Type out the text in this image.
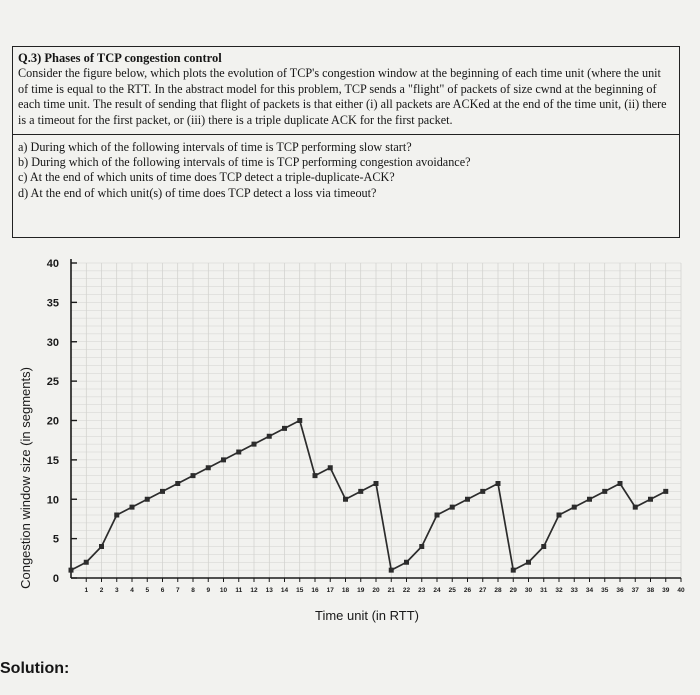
Q.3) Phases of TCP congestion control
Consider the figure below, which plots the evolution of TCP's congestion window at the beginning of each time unit (where the unit of time is equal to the RTT. In the abstract model for this problem, TCP sends a "flight" of packets of size cwnd at the beginning of each time unit. The result of sending that flight of packets is that either (i) all packets are ACKed at the end of the time unit, (ii) there is a timeout for the first packet, or (iii) there is a triple duplicate ACK for the first packet.
a) During which of the following intervals of time is TCP performing slow start?
b) During which of the following intervals of time is TCP performing congestion avoidance?
c) At the end of which units of time does TCP detect a triple-duplicate-ACK?
d) At the end of which unit(s) of time does TCP detect a loss via timeout?
0
5
10
15
20
25
30
35
40
1 2 3 4 5 6 7 8 9 10 11 12 13 14 15 16 17 18 19 20 21 22 23 24 25 26 27 28 29 30 31 32 33 34 35 36 37 38 39 40
Congestion window size (in segments)
Time unit (in RTT)
Solution:
